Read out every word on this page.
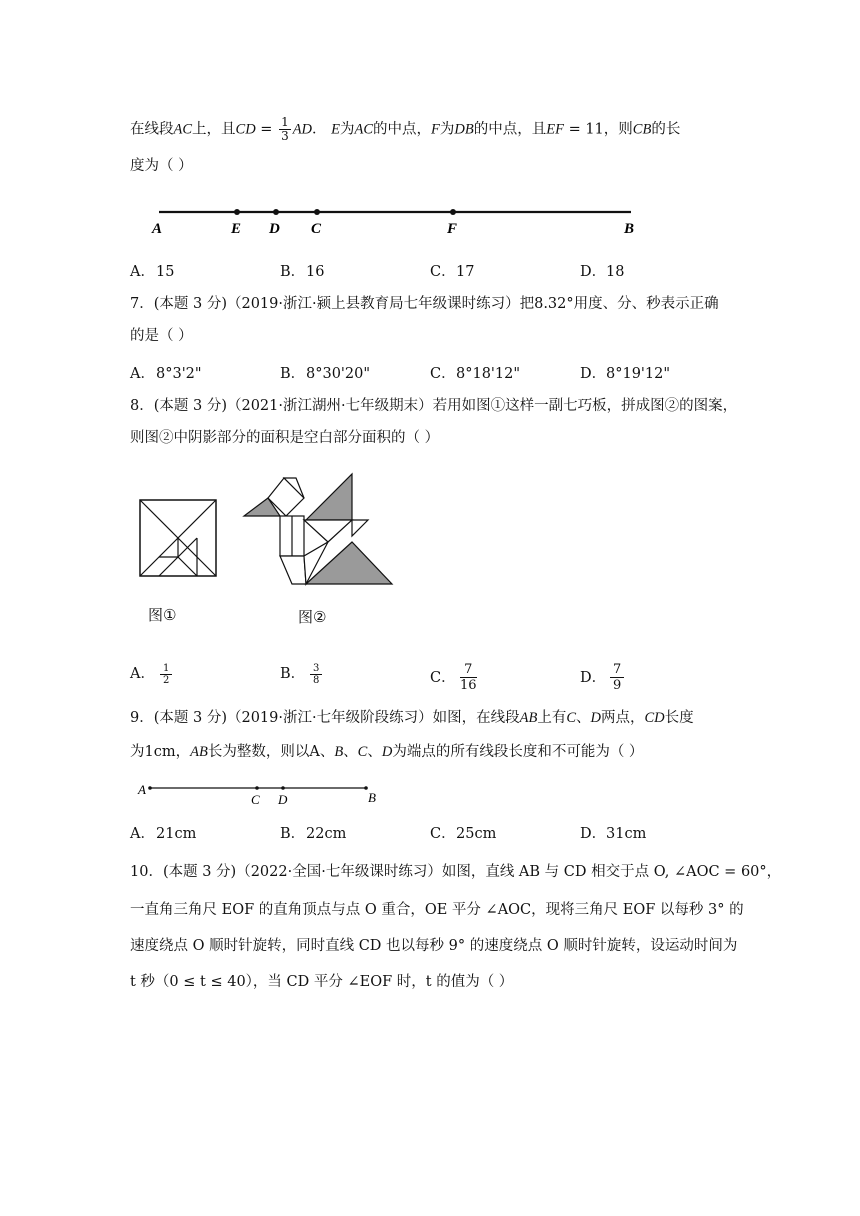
在线段AC上，且CD = $\frac{1}{3}$ AD． E为AC的中点，F为DB的中点，且EF = 11，则CB的长
度为（ ）
A	E D C	F	B
A．15	B．16	C．17	D．18
7．(本题 3 分)（2019·浙江·颍上县教育局七年级课时练习）把8.32°用度、分、秒表示正确
的是（ ）
A．8°3'2"	B．8°30'20"	C．8°18'12"	D．8°19'12"
8．(本题 3 分)（2021·浙江湖州·七年级期末）若用如图①这样一副七巧板，拼成图②的图案，
则图②中阴影部分的面积是空白部分面积的（ ）
图①	图②
A． $\frac{1}{2}$	B． $\frac{3}{8}$	C． $\frac{7}{16}$	D． $\frac{7}{9}$
9．(本题 3 分)（2019·浙江·七年级阶段练习）如图，在线段AB上有C、D两点，CD长度
为1cm，AB长为整数，则以A、B、C、D为端点的所有线段长度和不可能为（ ）
A
C D	B
A．21cm	B．22cm	C．25cm	D．31cm
10．(本题 3 分)（2022·全国·七年级课时练习）如图，直线 AB 与 CD 相交于点 O, ∠AOC = 60°，
一直角三角尺 EOF 的直角顶点与点 O 重合，OE 平分 ∠AOC，现将三角尺 EOF 以每秒 3° 的
速度绕点 O 顺时针旋转，同时直线 CD 也以每秒 9° 的速度绕点 O 顺时针旋转，设运动时间为
t 秒（0 ≤ t ≤ 40），当 CD 平分 ∠EOF 时，t 的值为（ ）
